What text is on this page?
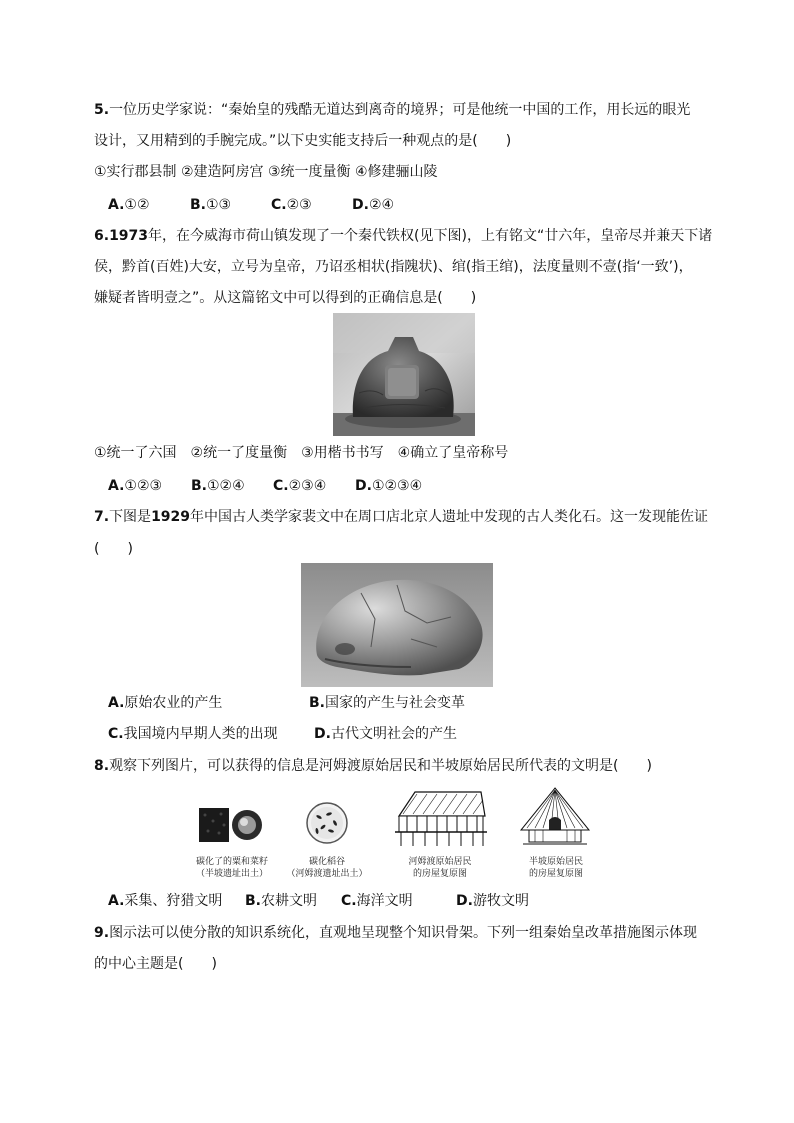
5.一位历史学家说：“秦始皇的残酷无道达到离奇的境界；可是他统一中国的工作，用长远的眼光
设计，又用精到的手腕完成。”以下史实能支持后一种观点的是(　　)
①实行郡县制 ②建造阿房宫 ③统一度量衡 ④修建骊山陵
A.①②	B.①③	C.②③	D.②④
6.1973年，在今威海市荷山镇发现了一个秦代铁权(见下图)，上有铭文“廿六年，皇帝尽并兼天下诸
侯，黔首(百姓)大安，立号为皇帝，乃诏丞相状(指隗状)、绾(指王绾)，法度量则不壹(指‘一致’)，
嫌疑者皆明壹之”。从这篇铭文中可以得到的正确信息是(　　)
①统一了六国　②统一了度量衡　③用楷书书写　④确立了皇帝称号
A.①②③ B.①②④ C.②③④ D.①②③④
7.下图是1929年中国古人类学家裴文中在周口店北京人遗址中发现的古人类化石。这一发现能佐证
(　　)
A.原始农业的产生	B.国家的产生与社会变革
C.我国境内早期人类的出现	D.古代文明社会的产生
8.观察下列图片，可以获得的信息是河姆渡原始居民和半坡原始居民所代表的文明是(　　)
碳化了的粟和菜籽
（半坡遗址出土）
碳化稻谷
（河姆渡遗址出土）
河姆渡原始居民
的房屋复原图
半坡原始居民
的房屋复原图
A.采集、狩猎文明 B.农耕文明 C.海洋文明	D.游牧文明
9.图示法可以使分散的知识系统化，直观地呈现整个知识骨架。下列一组秦始皇改革措施图示体现
的中心主题是(　　)
